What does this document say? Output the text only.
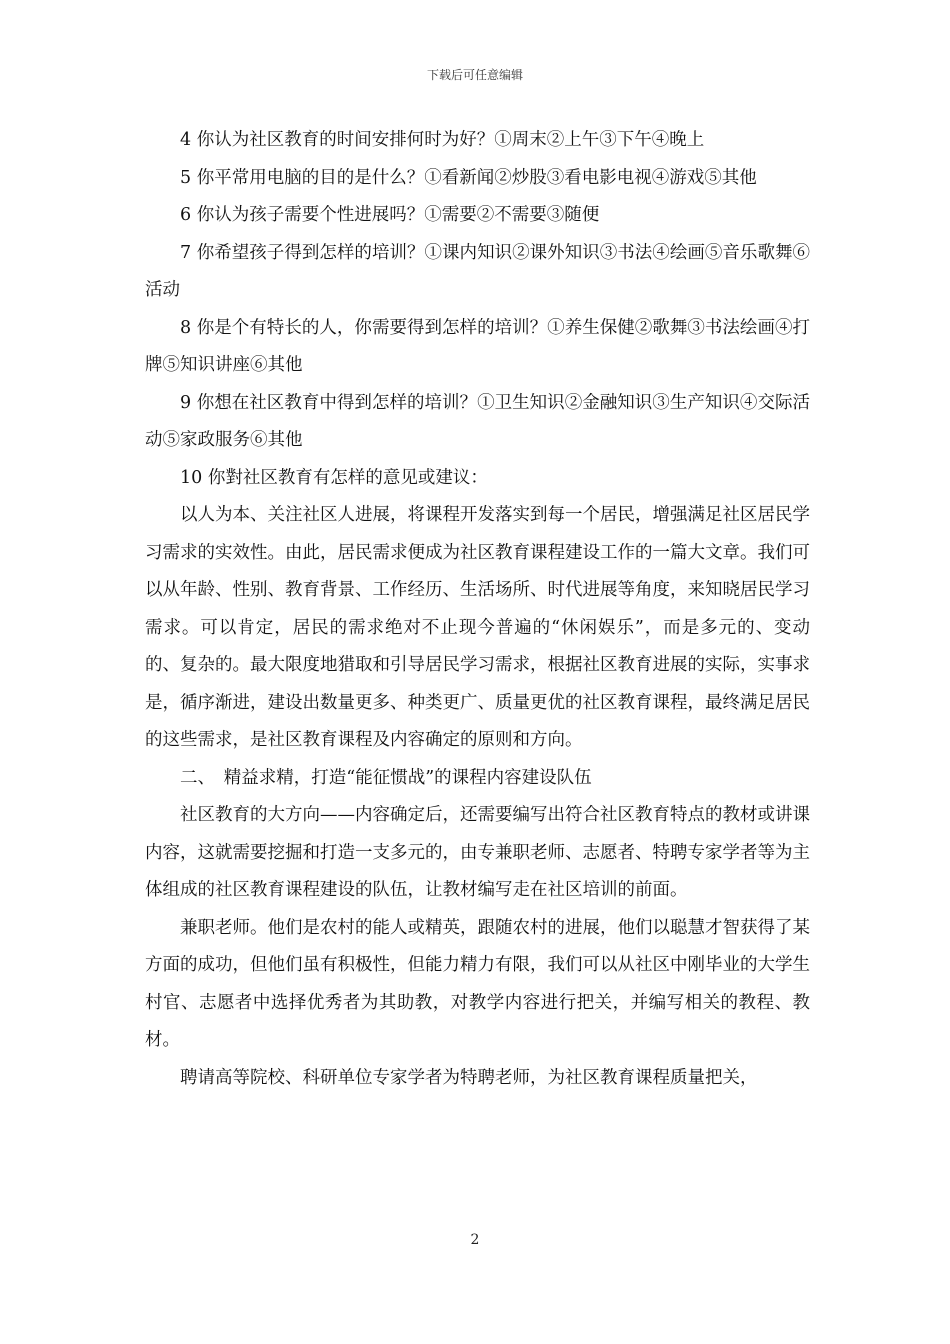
下载后可任意编辑

4 你认为社区教育的时间安排何时为好？①周末②上午③下午④晚上

5 你平常用电脑的目的是什么？①看新闻②炒股③看电影电视④游戏⑤其他

6 你认为孩子需要个性进展吗？①需要②不需要③随便

7 你希望孩子得到怎样的培训？①课内知识②课外知识③书法④绘画⑤音乐歌舞⑥活动

8 你是个有特长的人，你需要得到怎样的培训？①养生保健②歌舞③书法绘画④打牌⑤知识讲座⑥其他

9 你想在社区教育中得到怎样的培训？①卫生知识②金融知识③生产知识④交际活动⑤家政服务⑥其他

10 你對社区教育有怎样的意见或建议：

以人为本、关注社区人进展，将课程开发落实到每一个居民，增强满足社区居民学习需求的实效性。由此，居民需求便成为社区教育课程建设工作的一篇大文章。我们可以从年龄、性别、教育背景、工作经历、生活场所、时代进展等角度，来知晓居民学习需求。可以肯定，居民的需求绝对不止现今普遍的“休闲娱乐”，而是多元的、变动的、复杂的。最大限度地猎取和引导居民学习需求，根据社区教育进展的实际，实事求是，循序渐进，建设出数量更多、种类更广、质量更优的社区教育课程，最终满足居民的这些需求，是社区教育课程及内容确定的原则和方向。

二、　精益求精，打造“能征惯战”的课程内容建设队伍

社区教育的大方向——内容确定后，还需要编写出符合社区教育特点的教材或讲课内容，这就需要挖掘和打造一支多元的，由专兼职老师、志愿者、特聘专家学者等为主体组成的社区教育课程建设的队伍，让教材编写走在社区培训的前面。

兼职老师。他们是农村的能人或精英，跟随农村的进展，他们以聪慧才智获得了某方面的成功，但他们虽有积极性，但能力精力有限，我们可以从社区中刚毕业的大学生村官、志愿者中选择优秀者为其助教，对教学内容进行把关，并编写相关的教程、教材。

聘请高等院校、科研单位专家学者为特聘老师，为社区教育课程质量把关，

2
